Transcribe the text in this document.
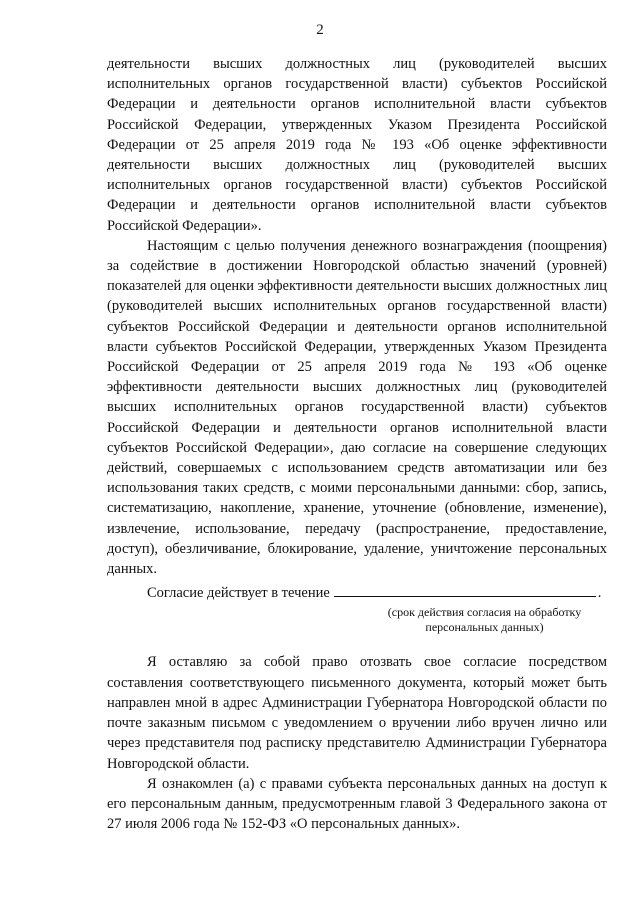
2

деятельности высших должностных лиц (руководителей высших исполнительных органов государственной власти) субъектов Российской Федерации и деятельности органов исполнительной власти субъектов Российской Федерации, утвержденных Указом Президента Российской Федерации от 25 апреля 2019 года № 193 «Об оценке эффективности деятельности высших должностных лиц (руководителей высших исполнительных органов государственной власти) субъектов Российской Федерации и деятельности органов исполнительной власти субъектов Российской Федерации».

Настоящим с целью получения денежного вознаграждения (поощрения) за содействие в достижении Новгородской областью значений (уровней) показателей для оценки эффективности деятельности высших должностных лиц (руководителей высших исполнительных органов государственной власти) субъектов Российской Федерации и деятельности органов исполнительной власти субъектов Российской Федерации, утвержденных Указом Президента Российской Федерации от 25 апреля 2019 года № 193 «Об оценке эффективности деятельности высших должностных лиц (руководителей высших исполнительных органов государственной власти) субъектов Российской Федерации и деятельности органов исполнительной власти субъектов Российской Федерации», даю согласие на совершение следующих действий, совершаемых с использованием средств автоматизации или без использования таких средств, с моими персональными данными: сбор, запись, систематизацию, накопление, хранение, уточнение (обновление, изменение), извлечение, использование, передачу (распространение, предоставление, доступ), обезличивание, блокирование, удаление, уничтожение персональных данных.

Согласие действует в течение	.
(срок действия согласия на обработку
персональных данных)

Я оставляю за собой право отозвать свое согласие посредством составления соответствующего письменного документа, который может быть направлен мной в адрес Администрации Губернатора Новгородской области по почте заказным письмом с уведомлением о вручении либо вручен лично или через представителя под расписку представителю Администрации Губернатора Новгородской области.

Я ознакомлен (а) с правами субъекта персональных данных на доступ к его персональным данным, предусмотренным главой 3 Федерального закона от 27 июля 2006 года № 152-ФЗ «О персональных данных».
